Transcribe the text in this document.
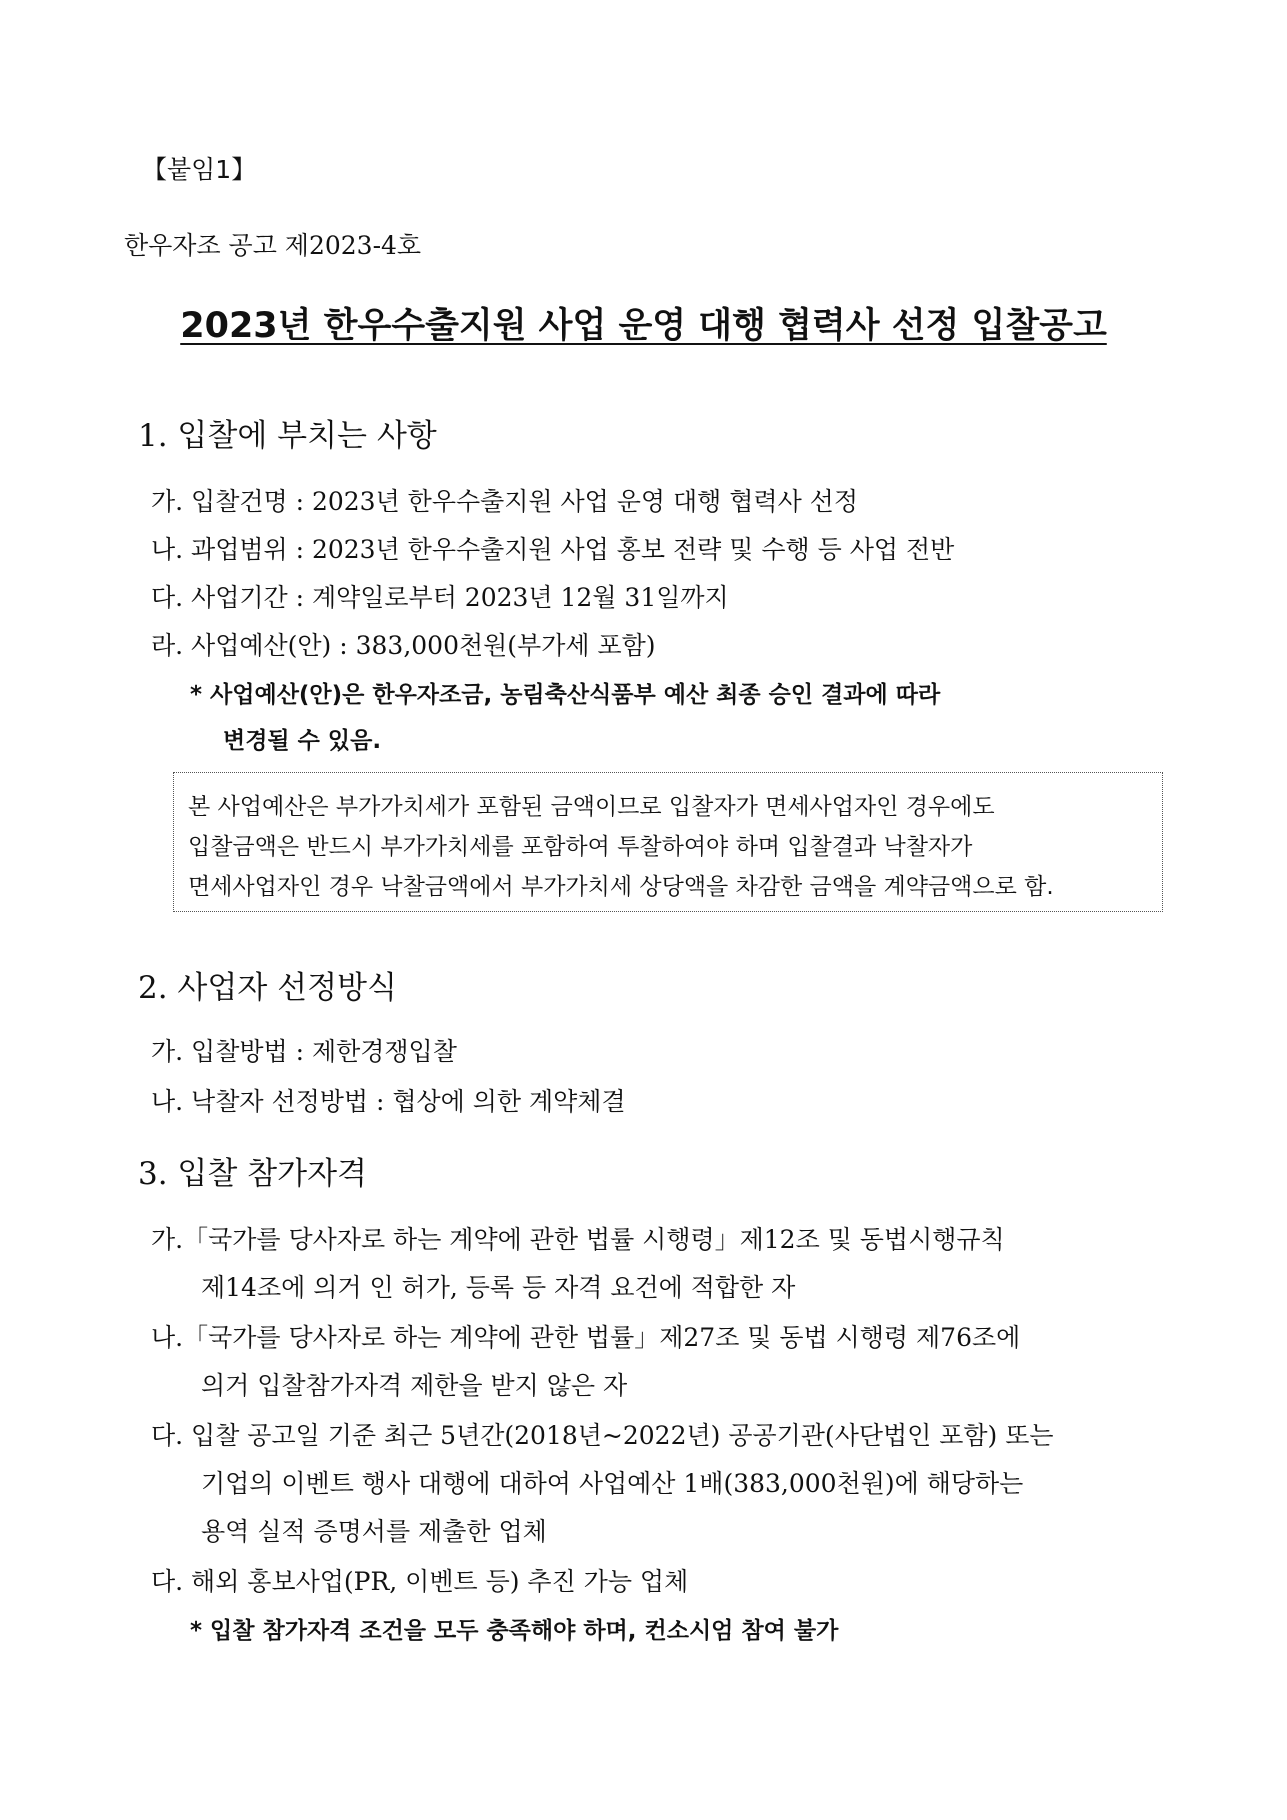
【붙임1】
한우자조 공고 제2023-4호
2023년 한우수출지원 사업 운영 대행 협력사 선정 입찰공고
1. 입찰에 부치는 사항
가. 입찰건명 : 2023년 한우수출지원 사업 운영 대행 협력사 선정
나. 과업범위 : 2023년 한우수출지원 사업 홍보 전략 및 수행 등 사업 전반
다. 사업기간 : 계약일로부터 2023년 12월 31일까지
라. 사업예산(안) : 383,000천원(부가세 포함)
* 사업예산(안)은 한우자조금, 농림축산식품부 예산 최종 승인 결과에 따라
변경될 수 있음.
본 사업예산은 부가가치세가 포함된 금액이므로 입찰자가 면세사업자인 경우에도
입찰금액은 반드시 부가가치세를 포함하여 투찰하여야 하며 입찰결과 낙찰자가
면세사업자인 경우 낙찰금액에서 부가가치세 상당액을 차감한 금액을 계약금액으로 함.
2. 사업자 선정방식
가. 입찰방법 : 제한경쟁입찰
나. 낙찰자 선정방법 : 협상에 의한 계약체결
3. 입찰 참가자격
가.「국가를 당사자로 하는 계약에 관한 법률 시행령」제12조 및 동법시행규칙
제14조에 의거 인 허가, 등록 등 자격 요건에 적합한 자
나.「국가를 당사자로 하는 계약에 관한 법률」제27조 및 동법 시행령 제76조에
의거 입찰참가자격 제한을 받지 않은 자
다. 입찰 공고일 기준 최근 5년간(2018년~2022년) 공공기관(사단법인 포함) 또는
기업의 이벤트 행사 대행에 대하여 사업예산 1배(383,000천원)에 해당하는
용역 실적 증명서를 제출한 업체
다. 해외 홍보사업(PR, 이벤트 등) 추진 가능 업체
* 입찰 참가자격 조건을 모두 충족해야 하며, 컨소시엄 참여 불가
